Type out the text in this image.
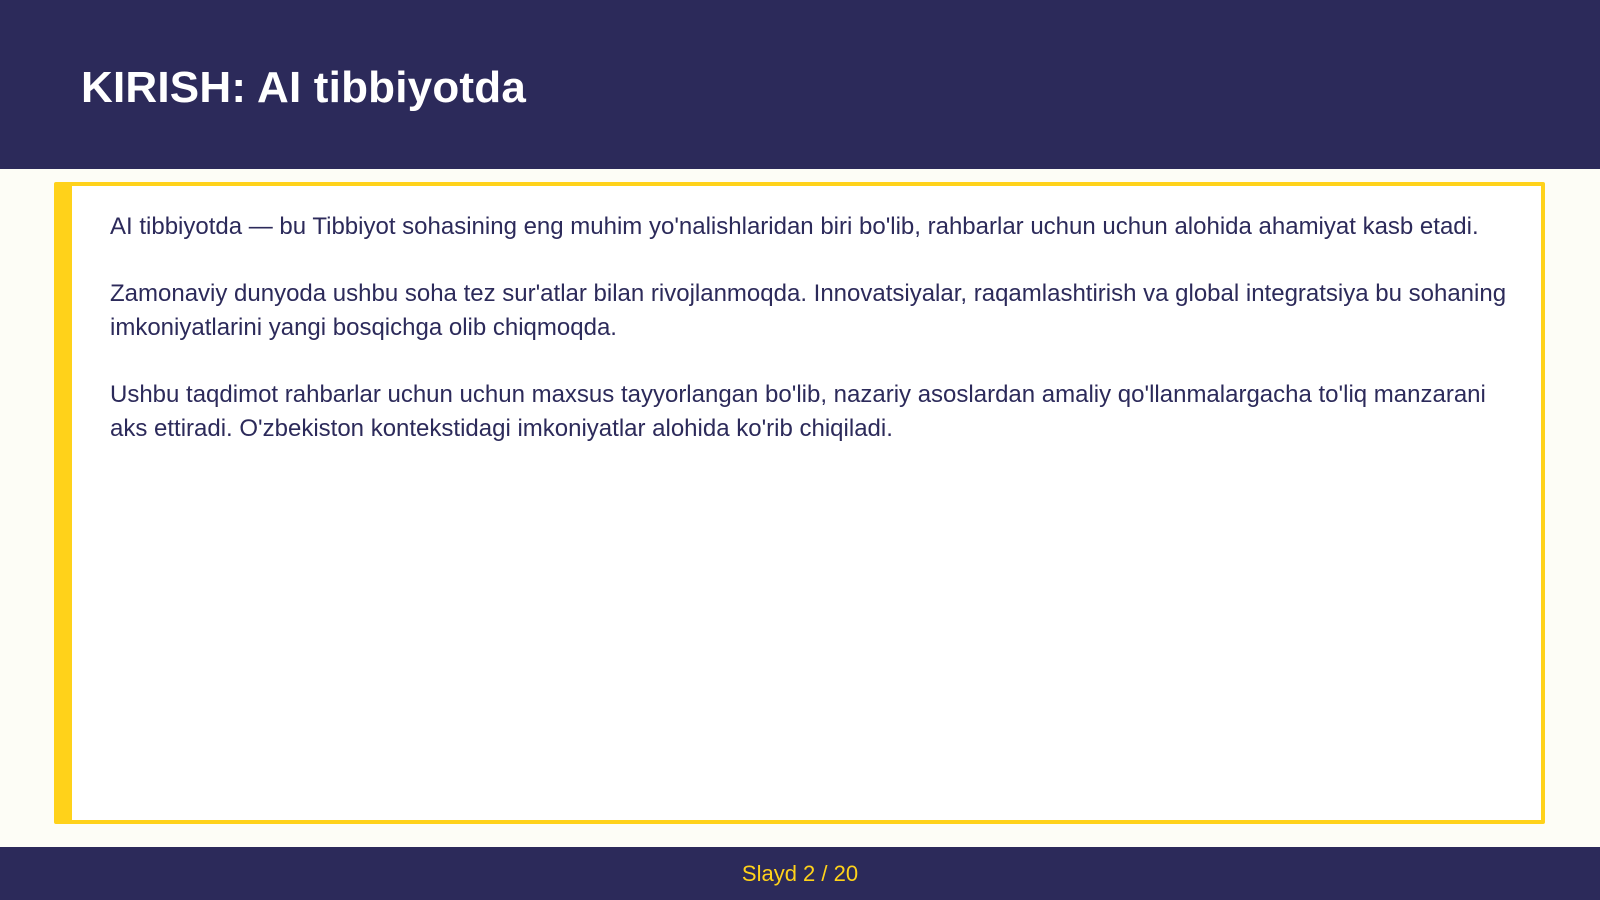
KIRISH: AI tibbiyotda

AI tibbiyotda — bu Tibbiyot sohasining eng muhim yo'nalishlaridan biri bo'lib, rahbarlar uchun uchun alohida ahamiyat kasb etadi.

Zamonaviy dunyoda ushbu soha tez sur'atlar bilan rivojlanmoqda. Innovatsiyalar, raqamlashtirish va global integratsiya bu sohaning imkoniyatlarini yangi bosqichga olib chiqmoqda.

Ushbu taqdimot rahbarlar uchun uchun maxsus tayyorlangan bo'lib, nazariy asoslardan amaliy qo'llanmalargacha to'liq manzarani aks ettiradi. O'zbekiston kontekstidagi imkoniyatlar alohida ko'rib chiqiladi.

Slayd 2 / 20
